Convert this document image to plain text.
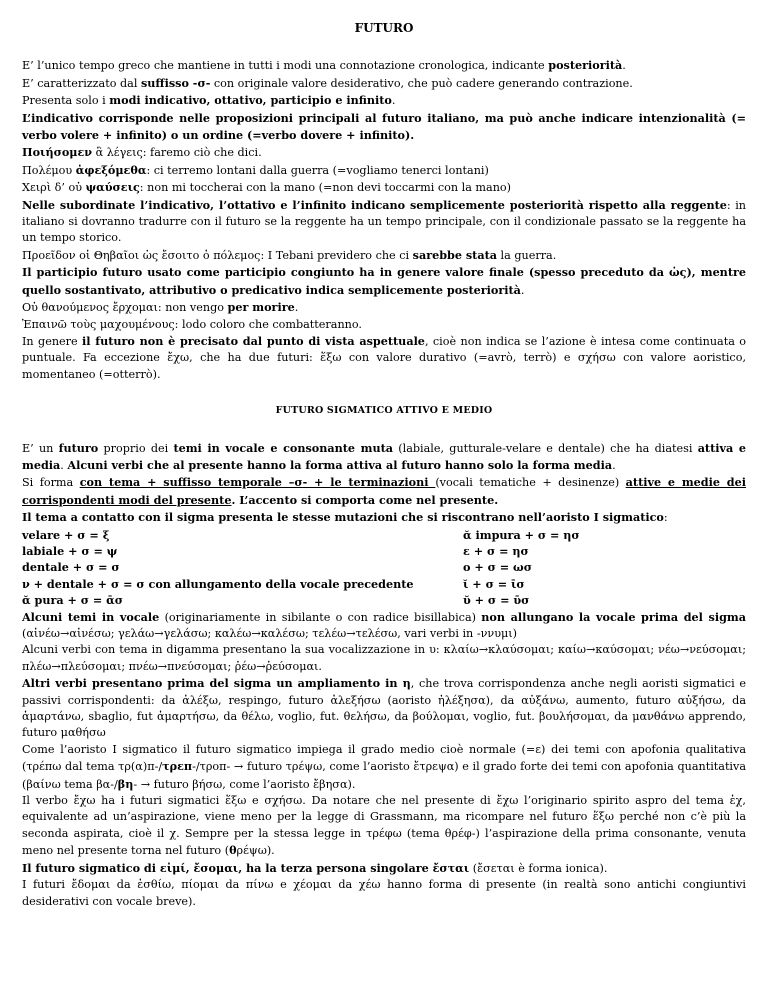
FUTURO

E’ l’unico tempo greco che mantiene in tutti i modi una connotazione cronologica, indicante posteriorità.

E’ caratterizzato dal suffisso -σ- con originale valore desiderativo, che può cadere generando contrazione.

Presenta solo i modi indicativo, ottativo, participio e infinito.

L’indicativo corrisponde nelle proposizioni principali al futuro italiano, ma può anche indicare intenzionalità (= verbo volere + infinito) o un ordine (=verbo dovere + infinito).

Ποιήσομεν ἃ λέγεις: faremo ciò che dici.

Πολέμου ἀφεξόμεθα: ci terremo lontani dalla guerra (=vogliamo tenerci lontani)

Χειρὶ δ’ οὐ ψαύσεις: non mi toccherai con la mano (=non devi toccarmi con la mano)

Nelle subordinate l’indicativo, l’ottativo e l’infinito indicano semplicemente posteriorità rispetto alla reggente: in italiano si dovranno tradurre con il futuro se la reggente ha un tempo principale, con il condizionale passato se la reggente ha un tempo storico.

Προεῖδον οἱ Θηβαῖοι ὡς ἔσοιτο ὁ πόλεμος: I Tebani previdero che ci sarebbe stata la guerra.

Il participio futuro usato come participio congiunto ha in genere valore finale (spesso preceduto da ὡς), mentre quello sostantivato, attributivo o predicativo indica semplicemente posteriorità.

Οὐ θανούμενος ἔρχομαι: non vengo per morire.

Ἐπαινῶ τοὺς μαχουμένους: lodo coloro che combatteranno.

In genere il futuro non è precisato dal punto di vista aspettuale, cioè non indica se l’azione è intesa come continuata o puntuale. Fa eccezione ἔχω, che ha due futuri: ἕξω con valore durativo (=avrò, terrò) e σχήσω con valore aoristico, momentaneo (=otterrò).

FUTURO SIGMATICO ATTIVO E MEDIO

E’ un futuro proprio dei temi in vocale e consonante muta (labiale, gutturale-velare e dentale) che ha diatesi attiva e media. Alcuni verbi che al presente hanno la forma attiva al futuro hanno solo la forma media.

Si forma con tema + suffisso temporale –σ- + le terminazioni (vocali tematiche + desinenze) attive e medie dei corrispondenti modi del presente. L’accento si comporta come nel presente.

Il tema a contatto con il sigma presenta le stesse mutazioni che si riscontrano nell’aoristo I sigmatico:

velare + σ = ξ	ᾰ impura + σ = ησ
labiale + σ = ψ	ε + σ = ησ
dentale + σ = σ	ο + σ = ωσ
ν + dentale + σ = σ con allungamento della vocale precedente	ῐ + σ = ῑσ
ᾰ pura + σ = ᾱσ	ῠ + σ = ῡσ

Alcuni temi in vocale (originariamente in sibilante o con radice bisillabica) non allungano la vocale prima del sigma (αἰνέω→αἰνέσω; γελάω→γελάσω; καλέω→καλέσω; τελέω→τελέσω, vari verbi in -ννυμι)

Alcuni verbi con tema in digamma presentano la sua vocalizzazione in υ: κλαίω→κλαύσομαι; καίω→καύσομαι; νέω→νεύσομαι; πλέω→πλεύσομαι; πνέω→πνεύσομαι; ῥέω→ῥεύσομαι.

Altri verbi presentano prima del sigma un ampliamento in η, che trova corrispondenza anche negli aoristi sigmatici e passivi corrispondenti: da ἀλέξω, respingo, futuro ἀλεξήσω (aoristo ἠλέξησα), da αὐξάνω, aumento, futuro αὐξήσω, da ἁμαρτάνω, sbaglio, fut ἁμαρτήσω, da θέλω, voglio, fut. θελήσω, da βούλομαι, voglio, fut. βουλήσομαι, da μανθάνω apprendo, futuro μαθήσω

Come l’aoristo I sigmatico il futuro sigmatico impiega il grado medio cioè normale (=ε) dei temi con apofonia qualitativa (τρέπω dal tema τρ(α)π-/τρεπ-/τροπ- → futuro τρέψω, come l’aoristo ἔτρεψα) e il grado forte dei temi con apofonia quantitativa (βαίνω tema βα-/βη- → futuro βήσω, come l’aoristo ἔβησα).

Il verbo ἔχω ha i futuri sigmatici ἕξω e σχήσω. Da notare che nel presente di ἔχω l’originario spirito aspro del tema ἑχ, equivalente ad un’aspirazione, viene meno per la legge di Grassmann, ma ricompare nel futuro ἕξω perché non c’è più la seconda aspirata, cioè il χ. Sempre per la stessa legge in τρέφω (tema θρέφ-) l’aspirazione della prima consonante, venuta meno nel presente torna nel futuro (θρέψω).

Il futuro sigmatico di εἰμί, ἔσομαι, ha la terza persona singolare ἔσται (ἔσεται è forma ionica).

I futuri ἔδομαι da ἐσθίω, πίομαι da πίνω e χέομαι da χέω hanno forma di presente (in realtà sono antichi congiuntivi desiderativi con vocale breve).
